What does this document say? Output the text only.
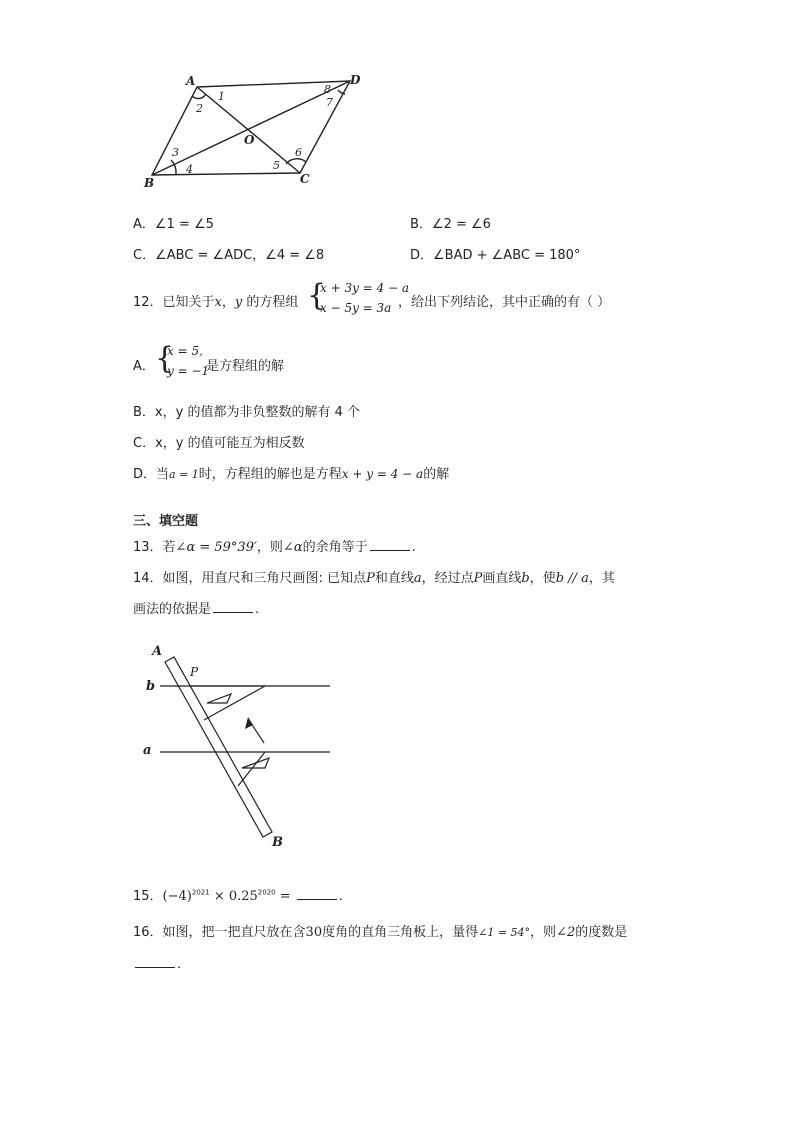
A	D
B	C
O
1
2
3
4	5
6
7
8
A．∠1 = ∠5	B．∠2 = ∠6
C．∠ABC = ∠ADC，∠4 = ∠8	D．∠BAD + ∠ABC = 180°
12．已知关于x，y 的方程组 {
x + 3y = 4 − a
x − 5y = 3a ，给出下列结论，其中正确的有（ ）
A． {
x = 5,
y = −1
是方程组的解
B．x，y 的值都为非负整数的解有 4 个
C．x，y 的值可能互为相反数
D．当a = 1时，方程组的解也是方程x + y = 4 − a的解
三、填空题
13．若∠α = 59°39′，则∠α的余角等于	.
14．如图，用直尺和三角尺画图: 已知点P和直线a，经过点P画直线b，使b // a，其
画法的依据是	.
A
P
b
a
B
15．$(-4)^{2021} \times 0.25^{2020}$ =	.
16．如图，把一把直尺放在含30度角的直角三角板上，量得∠1 = 54°，则∠2的度数是
.
